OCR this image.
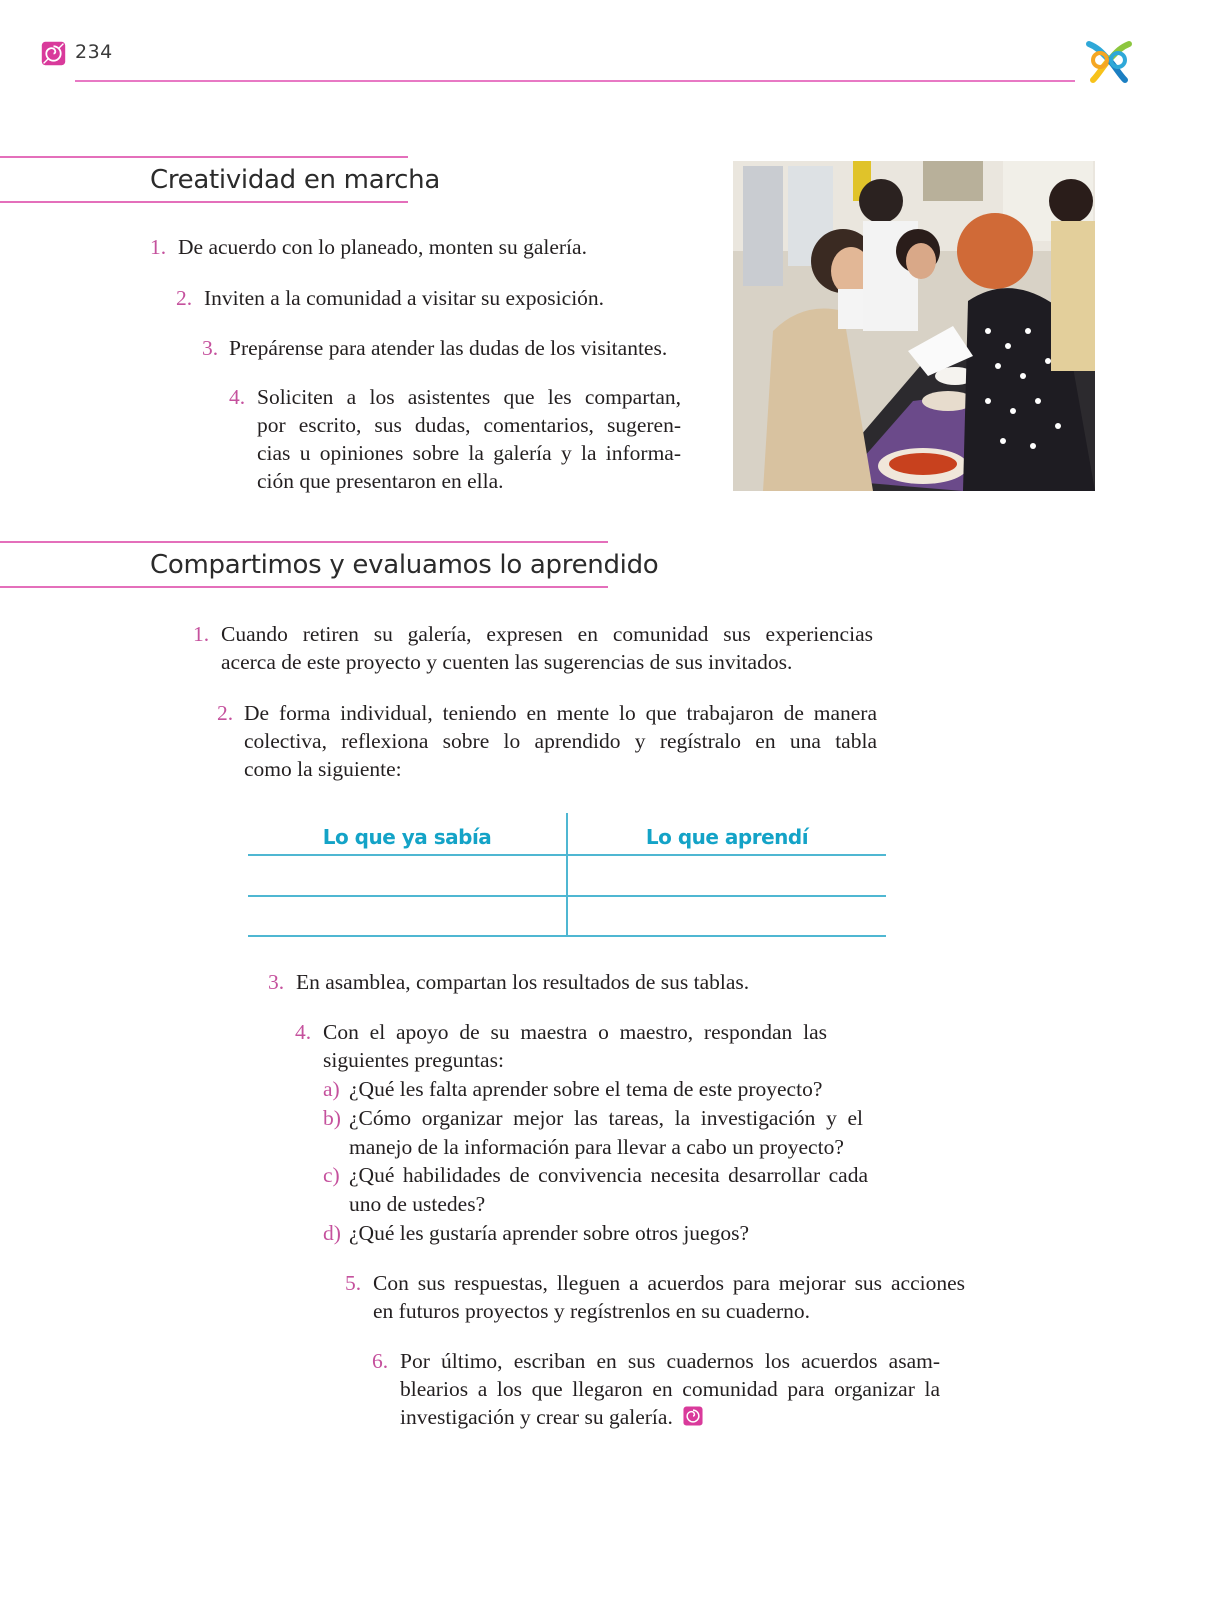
234
Creatividad en marcha
1. De acuerdo con lo planeado, monten su galería.
2. Inviten a la comunidad a visitar su exposición.
3. Prepárense para atender las dudas de los visitantes.
4. Soliciten a los asistentes que les compartan,
por escrito, sus dudas, comentarios, sugeren-
cias u opiniones sobre la galería y la informa-
ción que presentaron en ella.
Compartimos y evaluamos lo aprendido
1. Cuando retiren su galería, expresen en comunidad sus experiencias
acerca de este proyecto y cuenten las sugerencias de sus invitados.
2. De forma individual, teniendo en mente lo que trabajaron de manera
colectiva, reflexiona sobre lo aprendido y regístralo en una tabla
como la siguiente:
Lo que ya sabía	Lo que aprendí
3. En asamblea, compartan los resultados de sus tablas.
4. Con el apoyo de su maestra o maestro, respondan las
siguientes preguntas:
a) ¿Qué les falta aprender sobre el tema de este proyecto?
b) ¿Cómo organizar mejor las tareas, la investigación y el
manejo de la información para llevar a cabo un proyecto?
c) ¿Qué habilidades de convivencia necesita desarrollar cada
uno de ustedes?
d) ¿Qué les gustaría aprender sobre otros juegos?
5. Con sus respuestas, lleguen a acuerdos para mejorar sus acciones
en futuros proyectos y regístrenlos en su cuaderno.
6. Por último, escriban en sus cuadernos los acuerdos asam-
blearios a los que llegaron en comunidad para organizar la
investigación y crear su galería.
